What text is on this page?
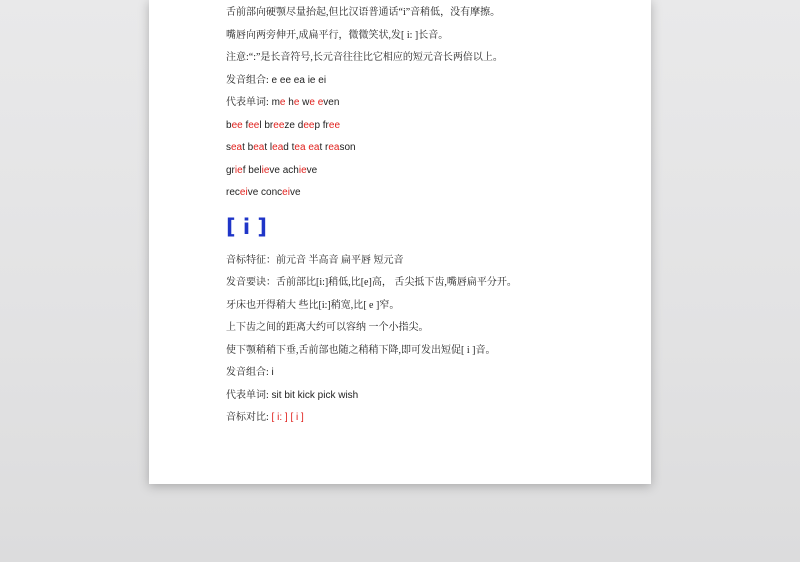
舌前部向硬颚尽量抬起,但比汉语普通话“i”音稍低，没有摩擦。
嘴唇向两旁伸开,成扁平行，微微笑状,发[ i: ]长音。
注意:“:”是长音符号,长元音往往比它相应的短元音长两倍以上。
发音组合: e ee ea ie ei
代表单词: me he we even
bee feel breeze deep free
seat beat lead tea eat reason
grief believe achieve
receive conceive
[ i ]
音标特征：前元音 半高音 扁平唇 短元音
发音要诀：舌前部比[i:]稍低,比[e]高， 舌尖抵下齿,嘴唇扁平分开。
牙床也开得稍大 些比[i:]稍宽,比[ e ]窄。
上下齿之间的距离大约可以容纳 一个小指尖。
使下颚稍稍下垂,舌前部也随之稍稍下降,即可发出短促[ i ]音。
发音组合: i
代表单词: sit bit kick pick wish
音标对比: [ i: ] [ i ]
